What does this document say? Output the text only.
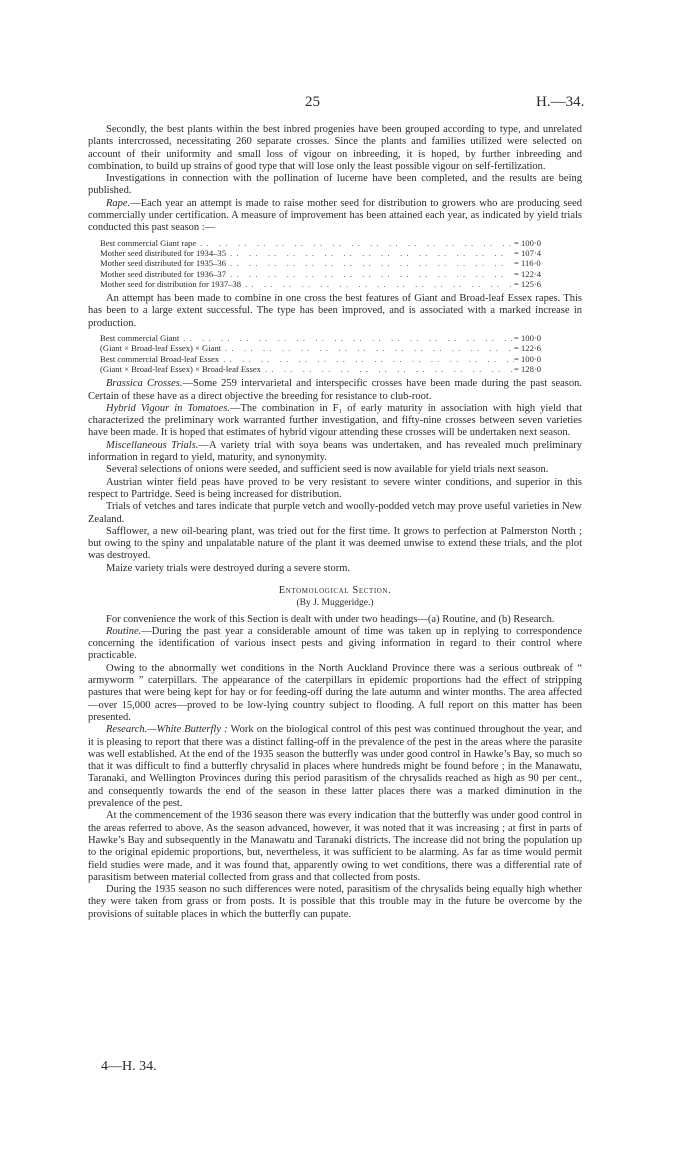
25	H.—34.

Secondly, the best plants within the best inbred progenies have been grouped according to type, and unrelated plants intercrossed, necessitating 260 separate crosses. Since the plants and families utilized were selected on account of their uniformity and small loss of vigour on inbreeding, it is hoped, by further inbreeding and combination, to build up strains of good type that will lose only the least possible vigour on self-fertilization.

Investigations in connection with the pollination of lucerne have been completed, and the results are being published.

Rape.—Each year an attempt is made to raise mother seed for distribution to growers who are producing seed commercially under certification. A measure of improvement has been attained each year, as indicated by yield trials conducted this past season :—

Best commercial Giant rape . .	= 100·0
Mother seed distributed for 1934–35 . .	= 107·4
Mother seed distributed for 1935–36 . .	= 116·0
Mother seed distributed for 1936–37 . .	= 122·4
Mother seed for distribution for 1937–38 . .	= 125·6

An attempt has been made to combine in one cross the best features of Giant and Broad-leaf Essex rapes. This has been to a large extent successful. The type has been improved, and is associated with a marked increase in production.

Best commercial Giant . .	= 100·0
(Giant × Broad-leaf Essex) × Giant . .	= 122·6
Best commercial Broad-leaf Essex . .	= 100·0
(Giant × Broad-leaf Essex) × Broad-leaf Essex . .	= 128·0

Brassica Crosses.—Some 259 intervarietal and interspecific crosses have been made during the past season. Certain of these have as a direct objective the breeding for resistance to club-root.

Hybrid Vigour in Tomatoes.—The combination in F₁ of early maturity in association with high yield that characterized the preliminary work warranted further investigation, and fifty-nine crosses between seven varieties have been made. It is hoped that estimates of hybrid vigour attending these crosses will be undertaken next season.

Miscellaneous Trials.—A variety trial with soya beans was undertaken, and has revealed much preliminary information in regard to yield, maturity, and synonymity.

Several selections of onions were seeded, and sufficient seed is now available for yield trials next season.

Austrian winter field peas have proved to be very resistant to severe winter conditions, and superior in this respect to Partridge. Seed is being increased for distribution.

Trials of vetches and tares indicate that purple vetch and woolly-podded vetch may prove useful varieties in New Zealand.

Safflower, a new oil-bearing plant, was tried out for the first time. It grows to perfection at Palmerston North ; but owing to the spiny and unpalatable nature of the plant it was deemed unwise to extend these trials, and the plot was destroyed.

Maize variety trials were destroyed during a severe storm.

Entomological Section.

(By J. Muggeridge.)

For convenience the work of this Section is dealt with under two headings—(a) Routine, and (b) Research.

Routine.—During the past year a considerable amount of time was taken up in replying to correspondence concerning the identification of various insect pests and giving information in regard to their control where practicable.

Owing to the abnormally wet conditions in the North Auckland Province there was a serious outbreak of “ armyworm ” caterpillars. The appearance of the caterpillars in epidemic proportions had the effect of stripping pastures that were being kept for hay or for feeding-off during the late autumn and winter months. The area affected—over 15,000 acres—proved to be low-lying country subject to flooding. A full report on this matter has been presented.

Research.—White Butterfly : Work on the biological control of this pest was continued throughout the year, and it is pleasing to report that there was a distinct falling-off in the prevalence of the pest in the areas where the parasite was well established. At the end of the 1935 season the butterfly was under good control in Hawke’s Bay, so much so that it was difficult to find a butterfly chrysalid in places where hundreds might be found before ; in the Manawatu, Taranaki, and Wellington Provinces during this period parasitism of the chrysalids reached as high as 90 per cent., and consequently towards the end of the season in these latter places there was a marked diminution in the prevalence of the pest.

At the commencement of the 1936 season there was every indication that the butterfly was under good control in the areas referred to above. As the season advanced, however, it was noted that it was increasing ; at first in parts of Hawke’s Bay and subsequently in the Manawatu and Taranaki districts. The increase did not bring the population up to the original epidemic proportions, but, nevertheless, it was sufficient to be alarming. As far as time would permit field studies were made, and it was found that, apparently owing to wet conditions, there was a differential rate of parasitism between material collected from grass and that collected from posts.

During the 1935 season no such differences were noted, parasitism of the chrysalids being equally high whether they were taken from grass or from posts. It is possible that this trouble may in the future be overcome by the provisions of suitable places in which the butterfly can pupate.

4—H. 34.
